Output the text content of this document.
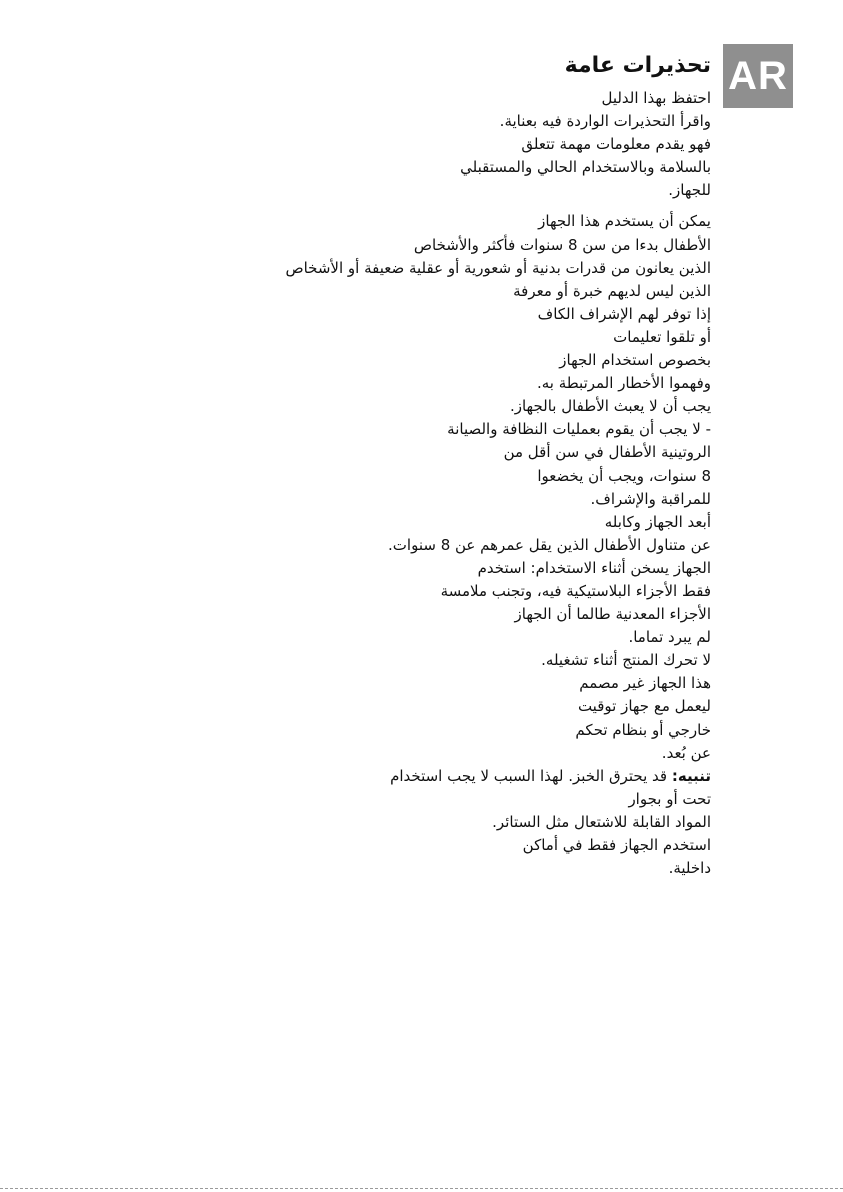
AR
تحذيرات عامة
احتفظ بهذا الدليل
واقرأ التحذيرات الواردة فيه بعناية.
فهو يقدم معلومات مهمة تتعلق
بالسلامة وبالاستخدام الحالي والمستقبلي
للجهاز.
يمكن أن يستخدم هذا الجهاز
الأطفال بدءا من سن 8 سنوات فأكثر والأشخاص
الذين يعانون من قدرات بدنية أو شعورية أو عقلية ضعيفة أو الأشخاص
الذين ليس لديهم خبرة أو معرفة
إذا توفر لهم الإشراف الكاف
أو تلقوا تعليمات
بخصوص استخدام الجهاز
وفهموا الأخطار المرتبطة به.
يجب أن لا يعبث الأطفال بالجهاز.
- لا يجب أن يقوم بعمليات النظافة والصيانة
الروتينية الأطفال في سن أقل من
8 سنوات، ويجب أن يخضعوا
للمراقبة والإشراف.
أبعد الجهاز وكابله
عن متناول الأطفال الذين يقل عمرهم عن 8 سنوات.
الجهاز يسخن أثناء الاستخدام: استخدم
فقط الأجزاء البلاستيكية فيه، وتجنب ملامسة
الأجزاء المعدنية طالما أن الجهاز
لم يبرد تماما.
لا تحرك المنتج أثناء تشغيله.
هذا الجهاز غير مصمم
ليعمل مع جهاز توقيت
خارجي أو بنظام تحكم
عن بُعد.
تنبيه: قد يحترق الخبز. لهذا السبب لا يجب استخدام
تحت أو بجوار
المواد القابلة للاشتعال مثل الستائر.
استخدم الجهاز فقط في أماكن
داخلية.
